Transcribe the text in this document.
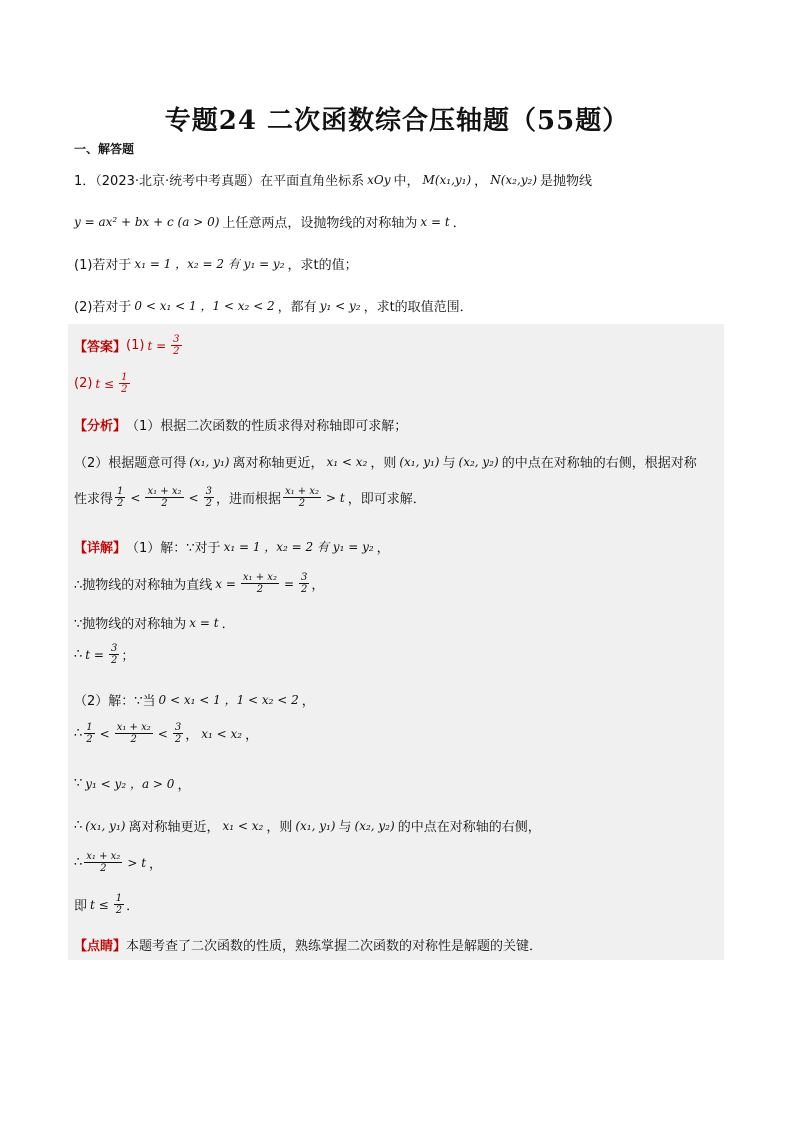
专题24 二次函数综合压轴题（55题）
一、解答题
1．（2023·北京·统考中考真题）在平面直角坐标系 xOy 中， M(x₁,y₁) ， N(x₂,y₂) 是抛物线
y = ax² + bx + c (a > 0) 上任意两点，设抛物线的对称轴为 x = t ．
(1)若对于 x₁ = 1 ，x₂ = 2 有 y₁ = y₂ ，求t的值；
(2)若对于 0 < x₁ < 1 ，1 < x₂ < 2 ，都有 y₁ < y₂ ，求t的取值范围．
【答案】 (1) $t = \frac{3}{2}$
(2) $t \le \frac{1}{2}$
【分析】 （1）根据二次函数的性质求得对称轴即可求解；
（2）根据题意可得 (x₁, y₁) 离对称轴更近， x₁ < x₂ ，则 (x₁, y₁) 与 (x₂, y₂) 的中点在对称轴的右侧，根据对称
性求得 $\frac{1}{2} < \frac{\text{x₁ + x₂}}{2} < \frac{3}{2}$ ，进而根据 $\frac{\text{x₁ + x₂}}{2} > t$ ，即可求解．
【详解】 （1）解：∵对于 x₁ = 1 ，x₂ = 2 有 y₁ = y₂ ，
∴抛物线的对称轴为直线 $x = \frac{\text{x₁ + x₂}}{2} = \frac{3}{2}$ ，
∵抛物线的对称轴为 x = t ．
∴ $t = \frac{3}{2}$ ；
（2）解：∵当 0 < x₁ < 1 ，1 < x₂ < 2 ，
∴ $\frac{1}{2} < \frac{\text{x₁ + x₂}}{2} < \frac{3}{2}$ ， x₁ < x₂ ，
∵ y₁ < y₂ ，a > 0 ，
∴ (x₁, y₁) 离对称轴更近， x₁ < x₂ ，则 (x₁, y₁) 与 (x₂, y₂) 的中点在对称轴的右侧，
∴ $\frac{\text{x₁ + x₂}}{2} > t$ ，
即 $t \le \frac{1}{2}$ ．
【点睛】 本题考查了二次函数的性质，熟练掌握二次函数的对称性是解题的关键．
